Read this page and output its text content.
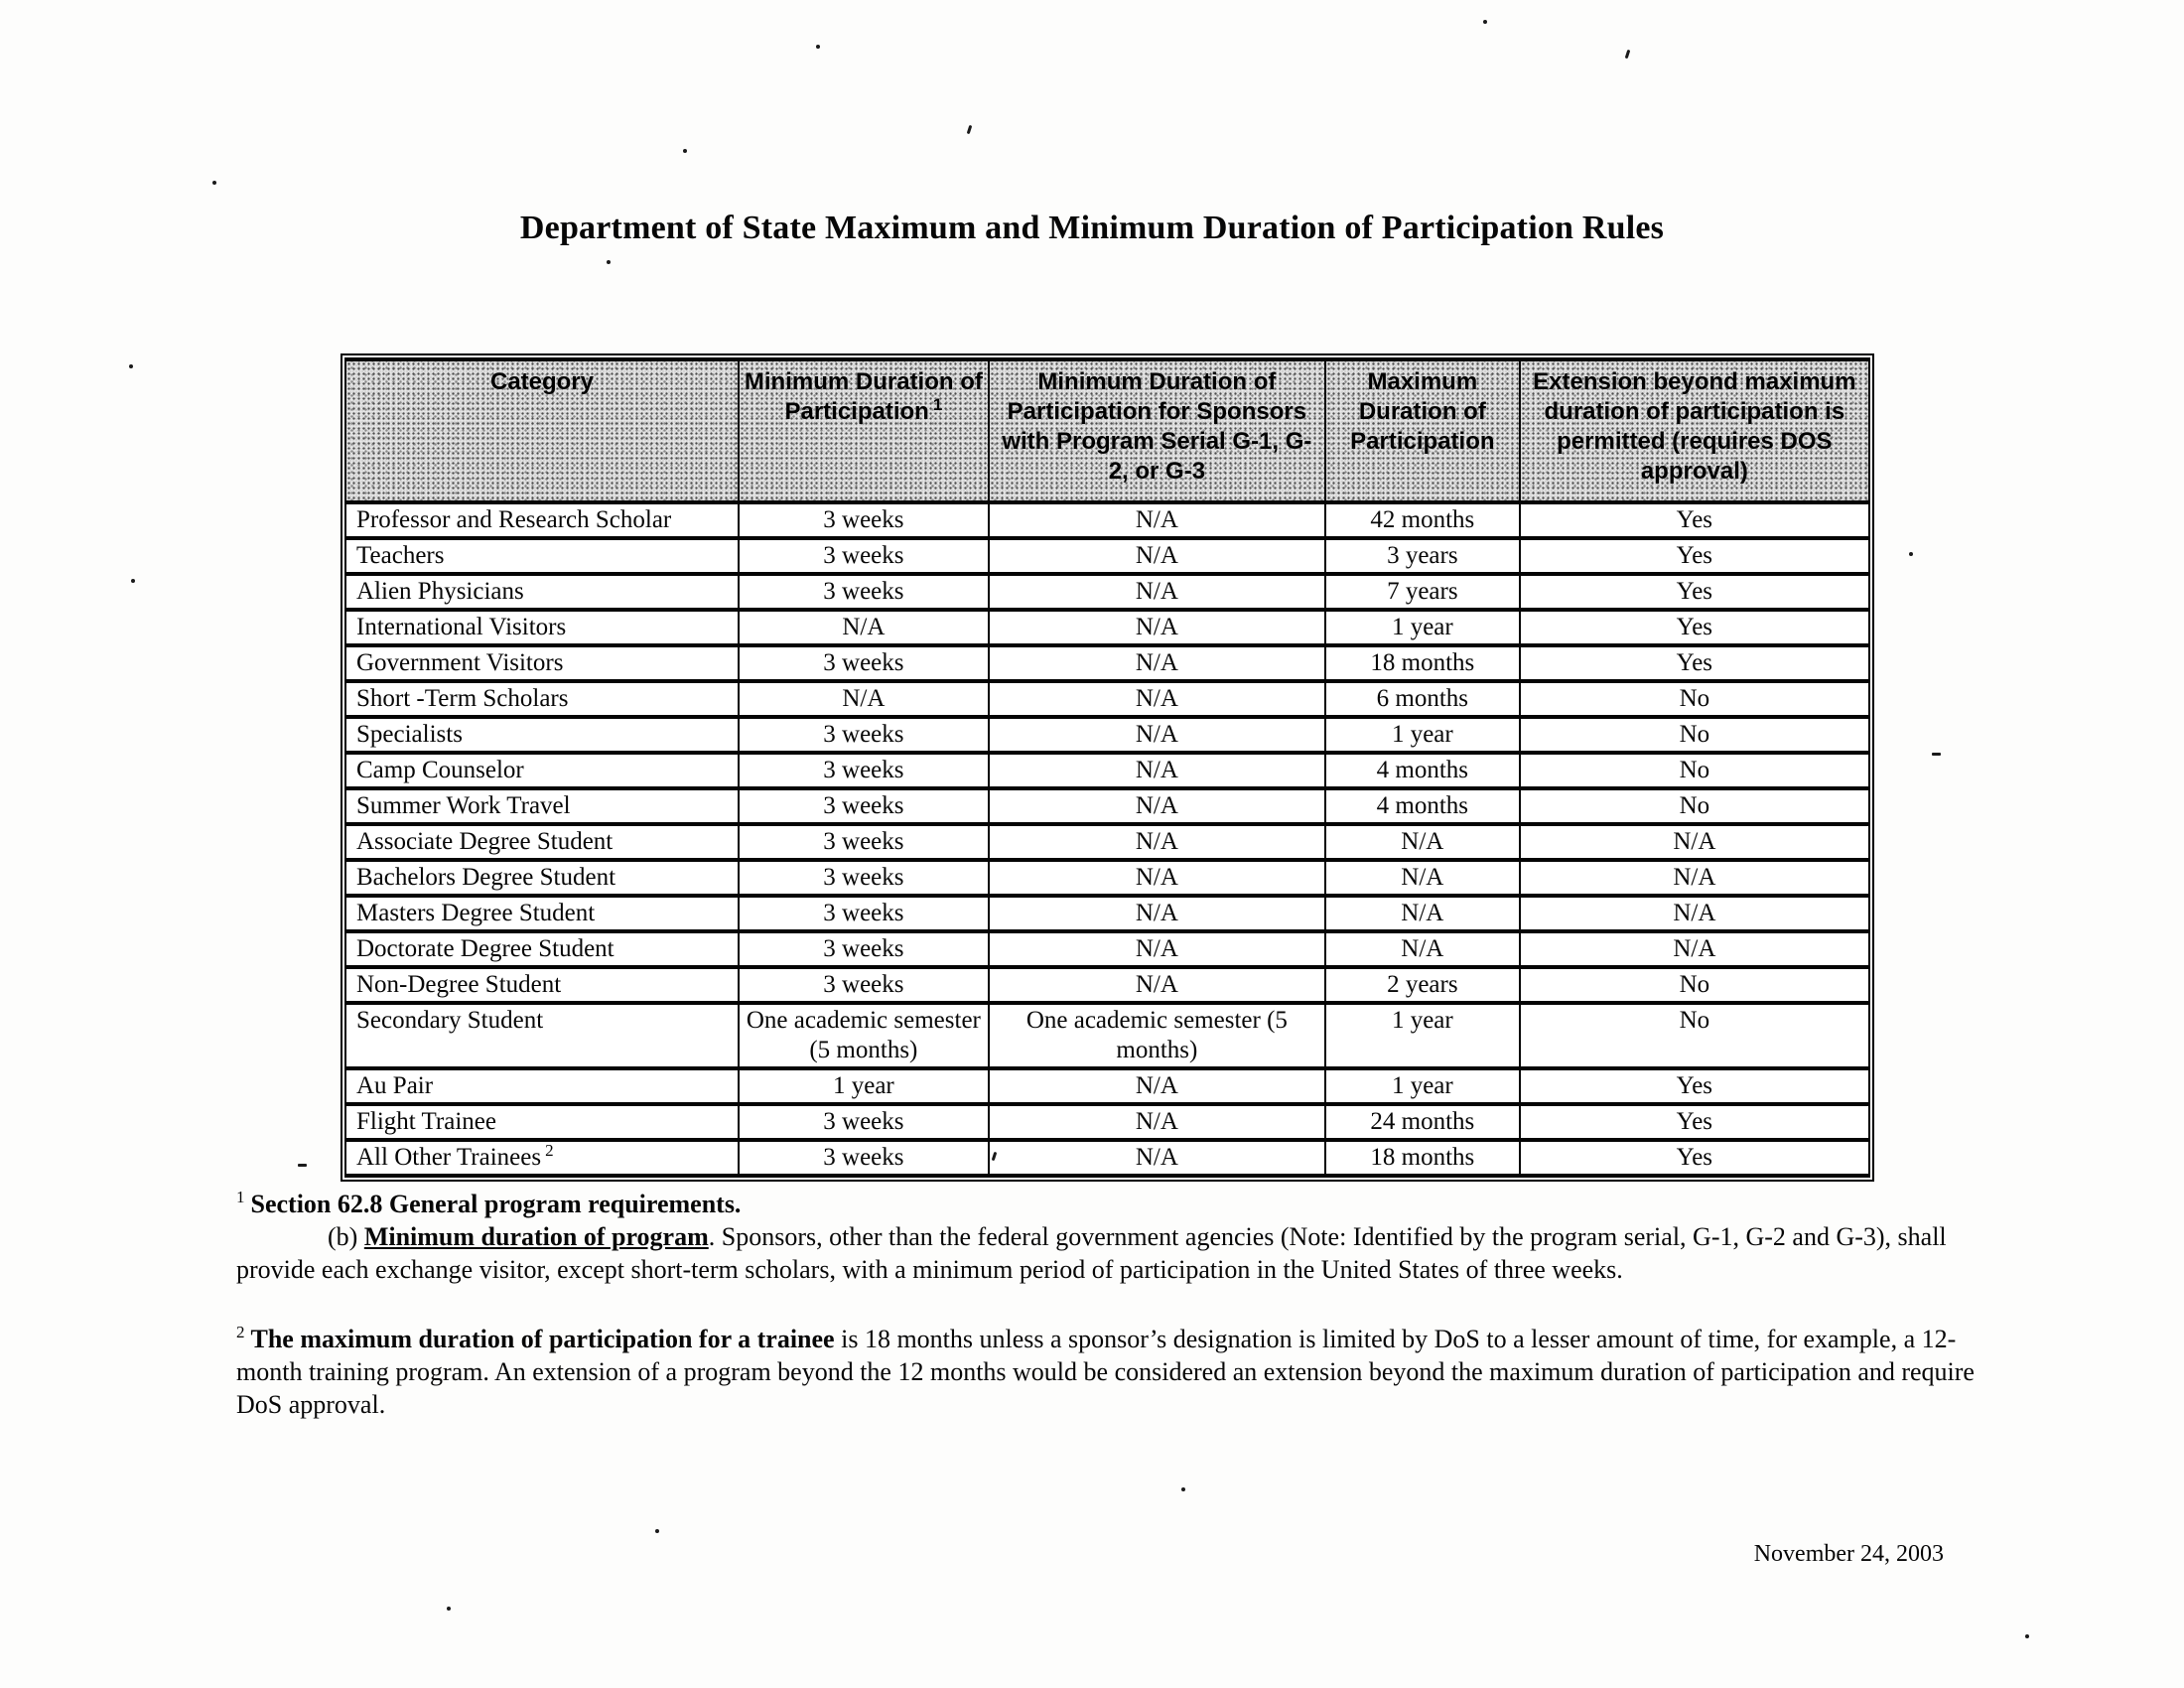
Department of State Maximum and Minimum Duration of Participation Rules
Category	Minimum Duration of Participation $^1$	Minimum Duration of Participation for Sponsors with Program Serial G-1, G-2, or G-3	Maximum Duration of Participation	Extension beyond maximum duration of participation is permitted (requires DOS approval)
Professor and Research Scholar	3 weeks	N/A	42 months	Yes
Teachers	3 weeks	N/A	3 years	Yes
Alien Physicians	3 weeks	N/A	7 years	Yes
International Visitors	N/A	N/A	1 year	Yes
Government Visitors	3 weeks	N/A	18 months	Yes
Short -Term Scholars	N/A	N/A	6 months	No
Specialists	3 weeks	N/A	1 year	No
Camp Counselor	3 weeks	N/A	4 months	No
Summer Work Travel	3 weeks	N/A	4 months	No
Associate Degree Student	3 weeks	N/A	N/A	N/A
Bachelors Degree Student	3 weeks	N/A	N/A	N/A
Masters Degree Student	3 weeks	N/A	N/A	N/A
Doctorate Degree Student	3 weeks	N/A	N/A	N/A
Non-Degree Student	3 weeks	N/A	2 years	No
Secondary Student	One academic semester (5 months)	One academic semester (5 months)	1 year	No
Au Pair	1 year	N/A	1 year	Yes
Flight Trainee	3 weeks	N/A	24 months	Yes
All Other Trainees $^2$	3 weeks	N/A	18 months	Yes
$^1$ Section 62.8 General program requirements.

(b) Minimum duration of program. Sponsors, other than the federal government agencies (Note: Identified by the program serial, G-1, G-2 and G-3), shall provide each exchange visitor, except short-term scholars, with a minimum period of participation in the United States of three weeks.

$^2$ The maximum duration of participation for a trainee is 18 months unless a sponsor’s designation is limited by DoS to a lesser amount of time, for example, a 12-month training program. An extension of a program beyond the 12 months would be considered an extension beyond the maximum duration of participation and require DoS approval.

November 24, 2003
